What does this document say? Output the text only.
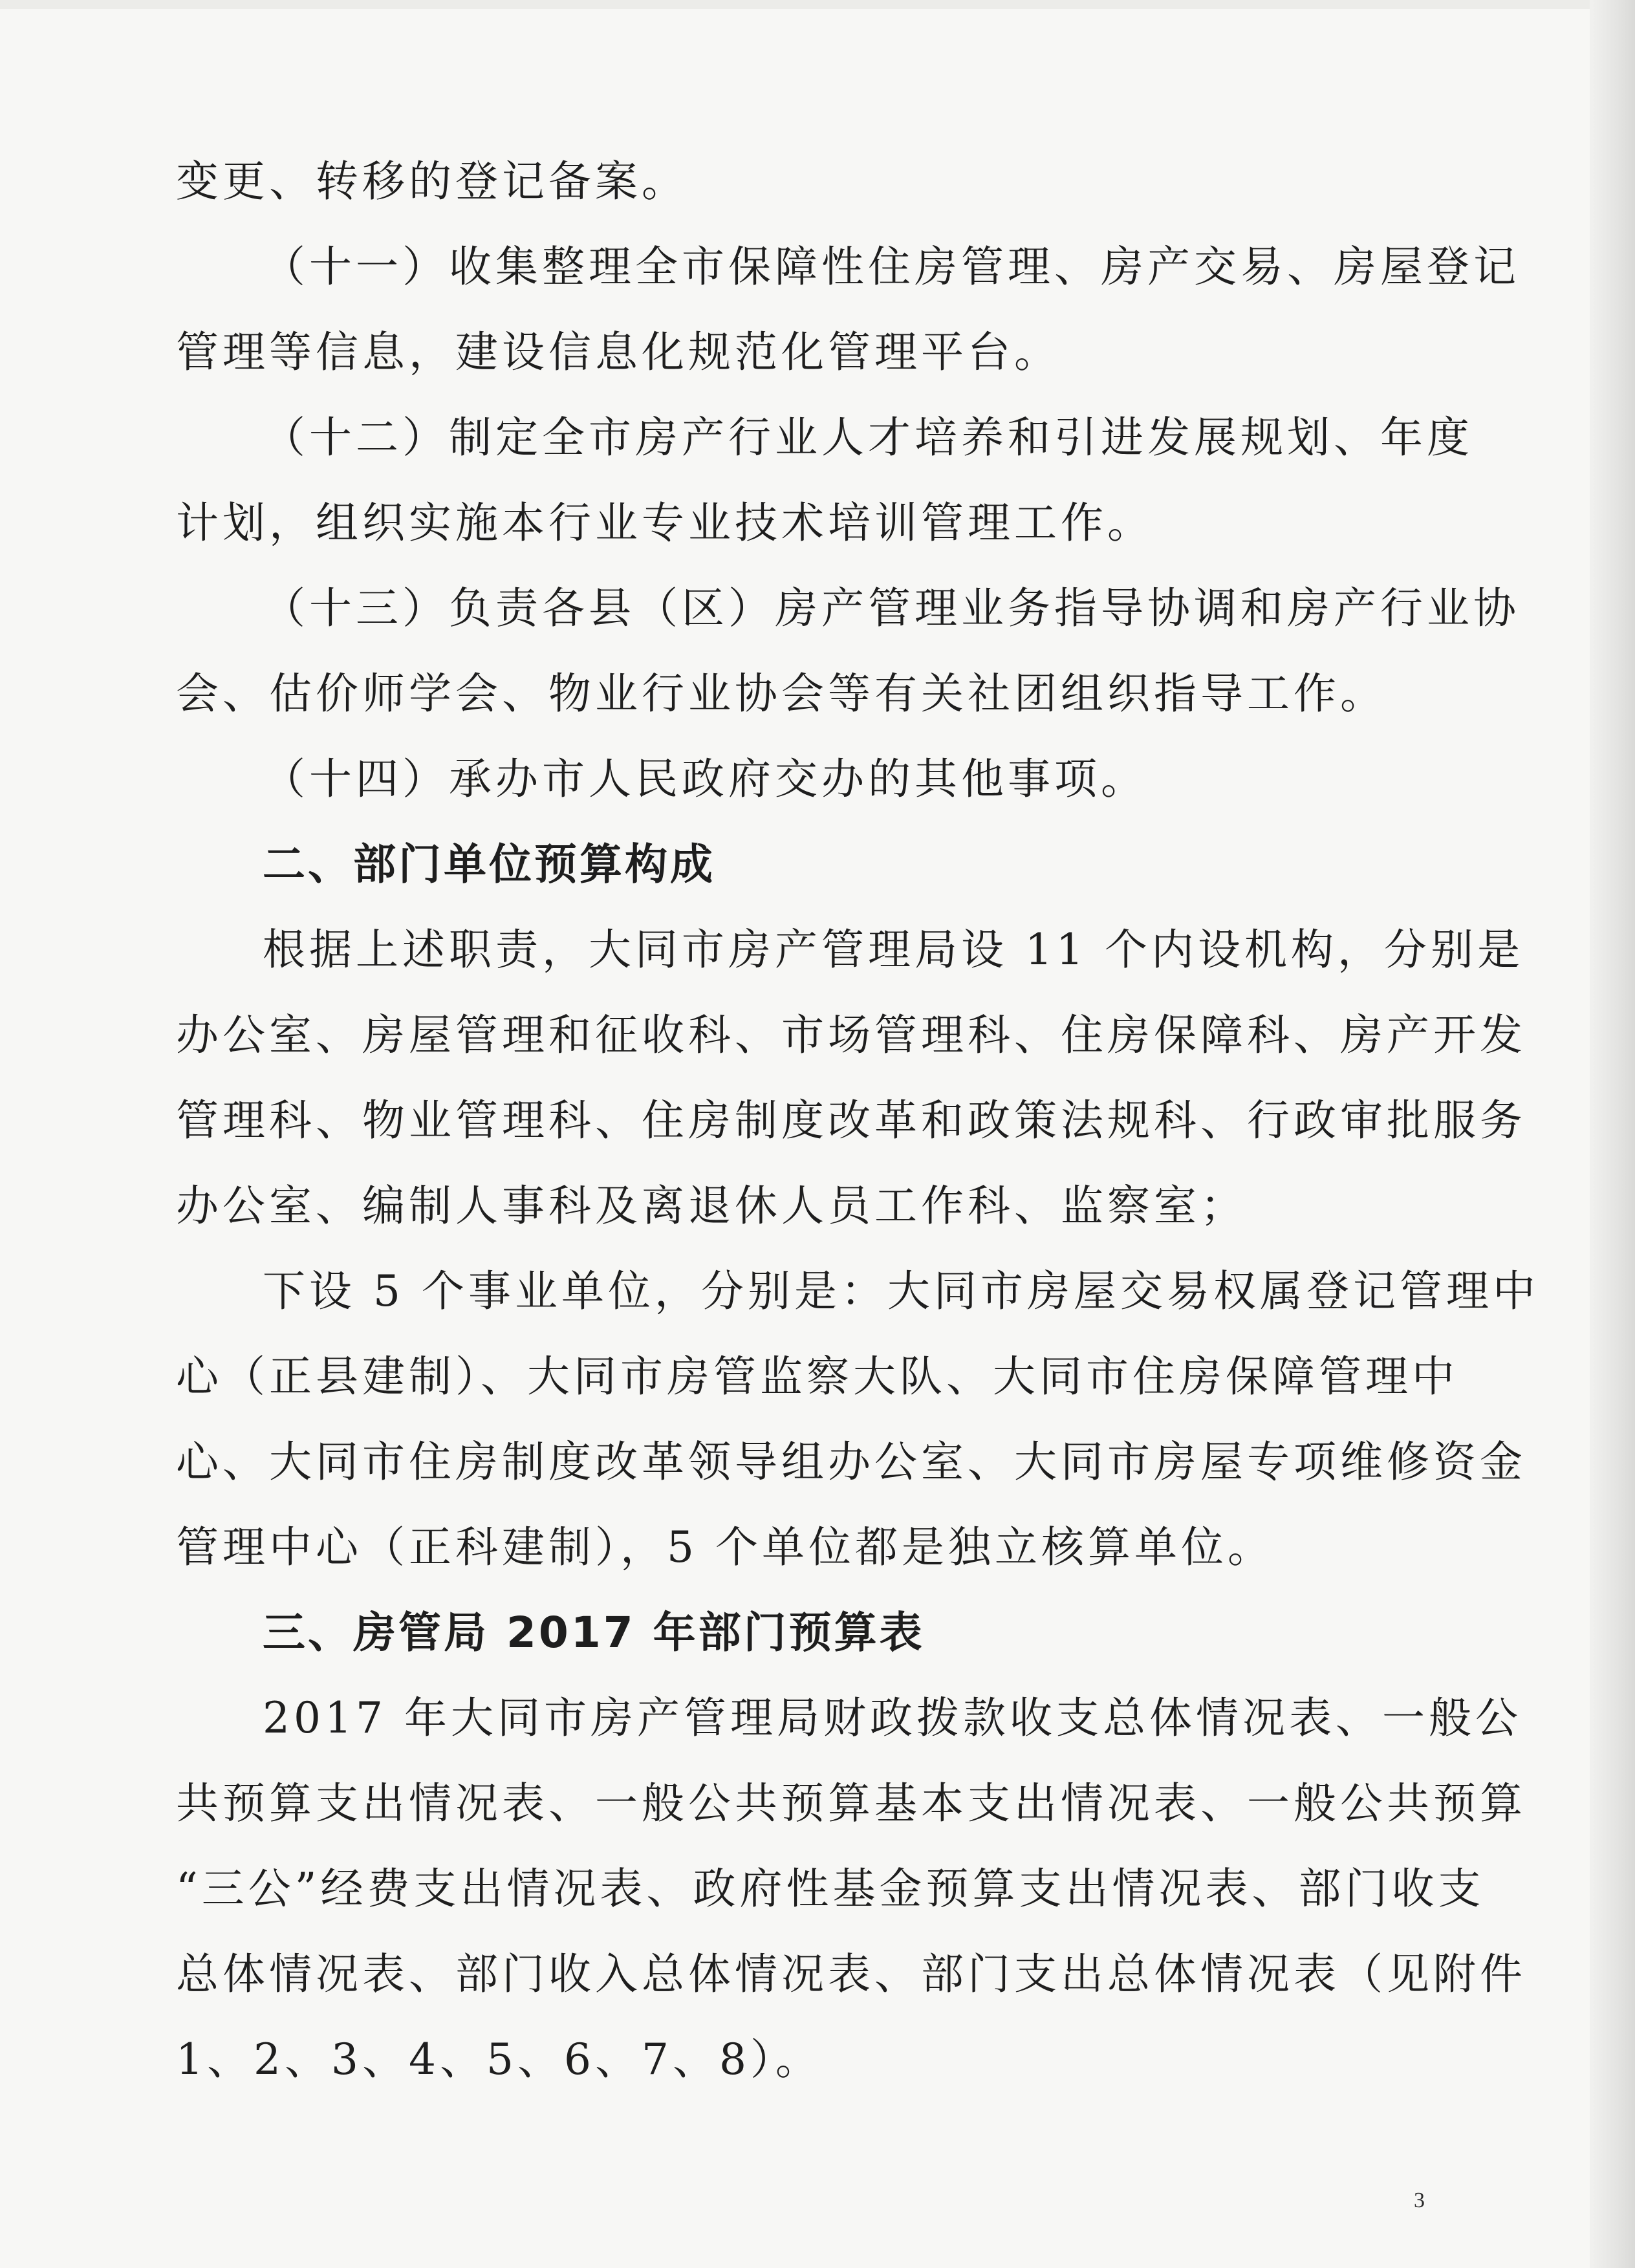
变更、转移的登记备案。
（十一）收集整理全市保障性住房管理、房产交易、房屋登记
管理等信息，建设信息化规范化管理平台。
（十二）制定全市房产行业人才培养和引进发展规划、年度
计划，组织实施本行业专业技术培训管理工作。
（十三）负责各县（区）房产管理业务指导协调和房产行业协
会、估价师学会、物业行业协会等有关社团组织指导工作。
（十四）承办市人民政府交办的其他事项。
二、部门单位预算构成
根据上述职责，大同市房产管理局设 11 个内设机构，分别是
办公室、房屋管理和征收科、市场管理科、住房保障科、房产开发
管理科、物业管理科、住房制度改革和政策法规科、行政审批服务
办公室、编制人事科及离退休人员工作科、监察室；
下设 5 个事业单位，分别是：大同市房屋交易权属登记管理中
心（正县建制）、大同市房管监察大队、大同市住房保障管理中
心、大同市住房制度改革领导组办公室、大同市房屋专项维修资金
管理中心（正科建制），5 个单位都是独立核算单位。
三、房管局 2017 年部门预算表
2017 年大同市房产管理局财政拨款收支总体情况表、一般公
共预算支出情况表、一般公共预算基本支出情况表、一般公共预算
“三公”经费支出情况表、政府性基金预算支出情况表、部门收支
总体情况表、部门收入总体情况表、部门支出总体情况表（见附件
1、2、3、4、5、6、7、8）。
3
